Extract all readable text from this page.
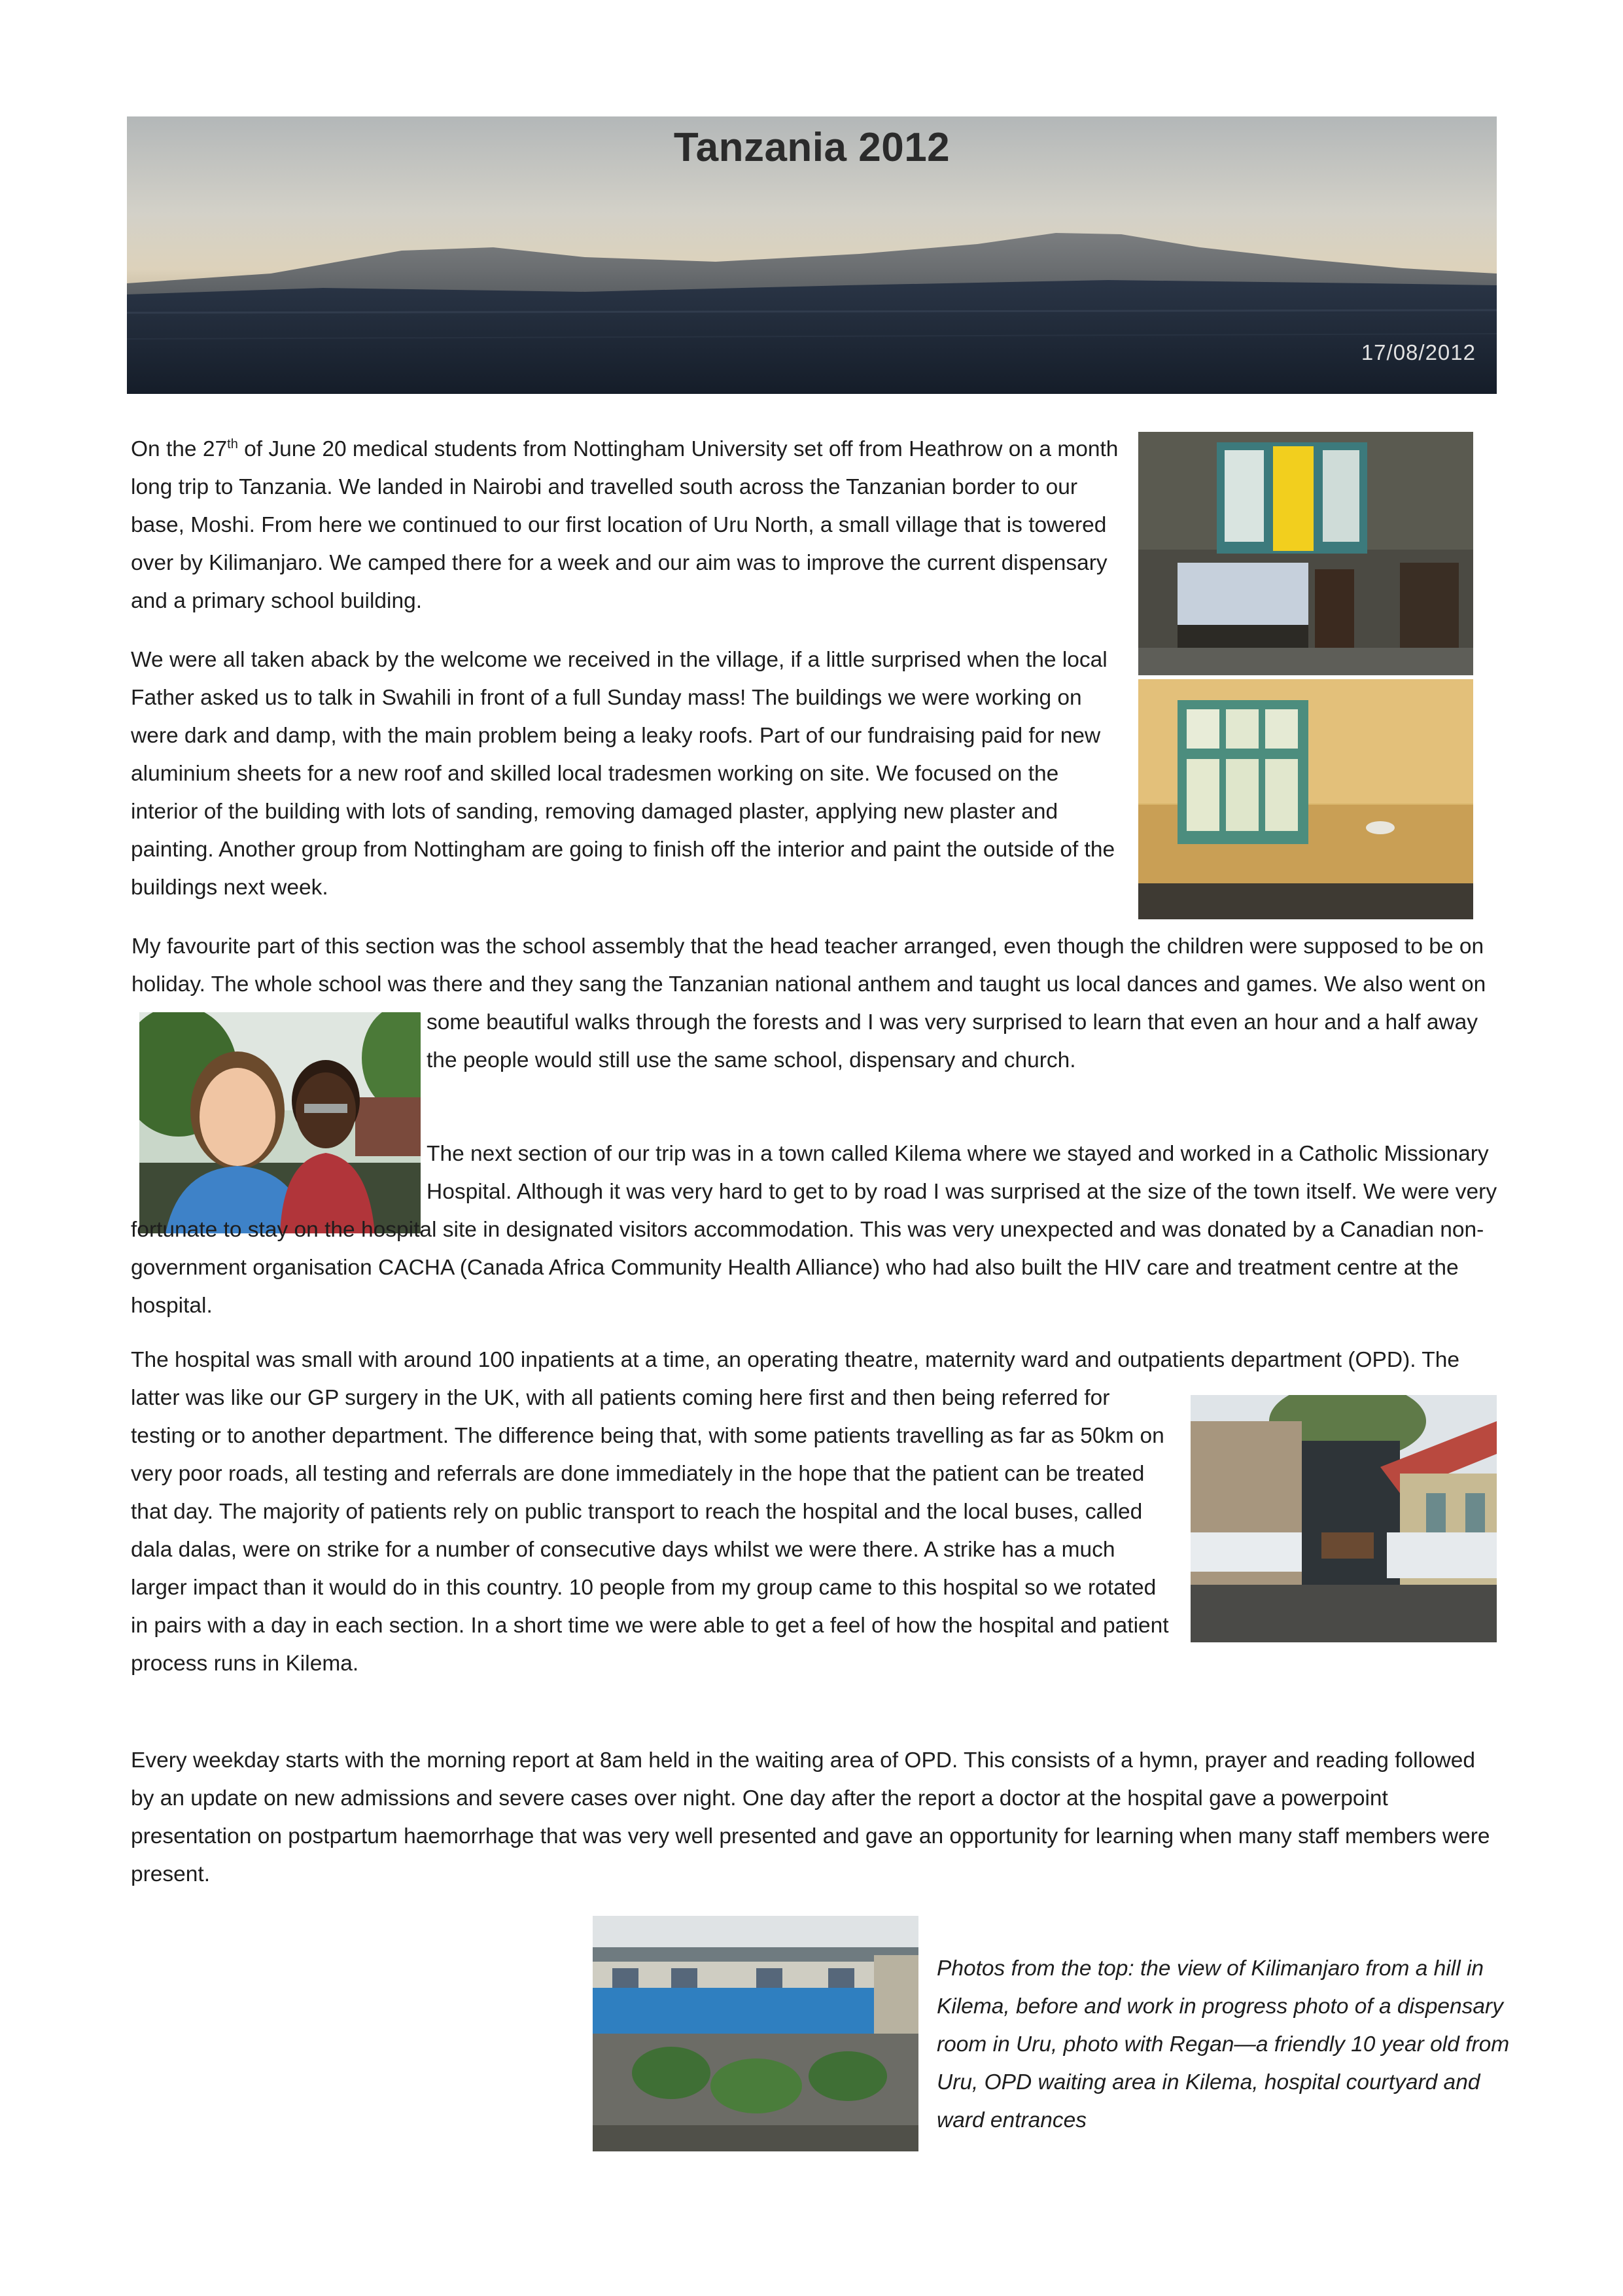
Tanzania 2012
17/08/2012

On the 27th of June 20 medical students from Nottingham University set off from Heathrow on a month long trip to Tanzania. We landed in Nairobi and travelled south across the Tanzanian border to our base, Moshi. From here we continued to our first location of Uru North, a small village that is towered over by Kilimanjaro. We camped there for a week and our aim was to improve the current dispensary and a primary school building.

We were all taken aback by the welcome we received in the village, if a little surprised when the local Father asked us to talk in Swahili in front of a full Sunday mass! The buildings we were working on were dark and damp, with the main problem being a leaky roofs. Part of our fundraising paid for new aluminium sheets for a new roof and skilled local tradesmen working on site. We focused on the interior of the building with lots of sanding, removing damaged plaster, applying new plaster and painting. Another group from Nottingham are going to finish off the interior and paint the outside of the buildings next week.

My favourite part of this section was the school assembly that the head teacher arranged, even though the children were supposed to be on holiday. The whole school was there and they sang the Tanzanian national anthem and taught us local dances and games. We also went on some beautiful walks through the forests and I was very surprised to learn that even an hour and a half away the people would still use the same school, dispensary and church.

The next section of our trip was in a town called Kilema where we stayed and worked in a Catholic Missionary Hospital. Although it was very hard to get to by road I was surprised at the size of the town itself. We were very fortunate to stay on the hospital site in designated visitors accommodation. This was very unexpected and was donated by a Canadian non-government organisation CACHA (Canada Africa Community Health Alliance) who had also built the HIV care and treatment centre at the hospital.

The hospital was small with around 100 inpatients at a time, an operating theatre, maternity ward and outpatients department (OPD). The latter was like our GP surgery in the UK, with all patients coming here first and then being referred for testing or to another department. The difference being that, with some patients travelling as far as 50km on very poor roads, all testing and referrals are done immediately in the hope that the patient can be treated that day. The majority of patients rely on public transport to reach the hospital and the local buses, called dala dalas, were on strike for a number of consecutive days whilst we were there. A strike has a much larger impact than it would do in this country. 10 people from my group came to this hospital so we rotated in pairs with a day in each section. In a short time we were able to get a feel of how the hospital and patient process runs in Kilema.

Every weekday starts with the morning report at 8am held in the waiting area of OPD. This consists of a hymn, prayer and reading followed by an update on new admissions and severe cases over night. One day after the report a doctor at the hospital gave a powerpoint presentation on postpartum haemorrhage that was very well presented and gave an opportunity for learning when many staff members were present.

Photos from the top: the view of Kilimanjaro from a hill in Kilema, before and work in progress photo of a dispensary room in Uru, photo with Regan—a friendly 10 year old from Uru, OPD waiting area in Kilema, hospital courtyard and ward entrances
